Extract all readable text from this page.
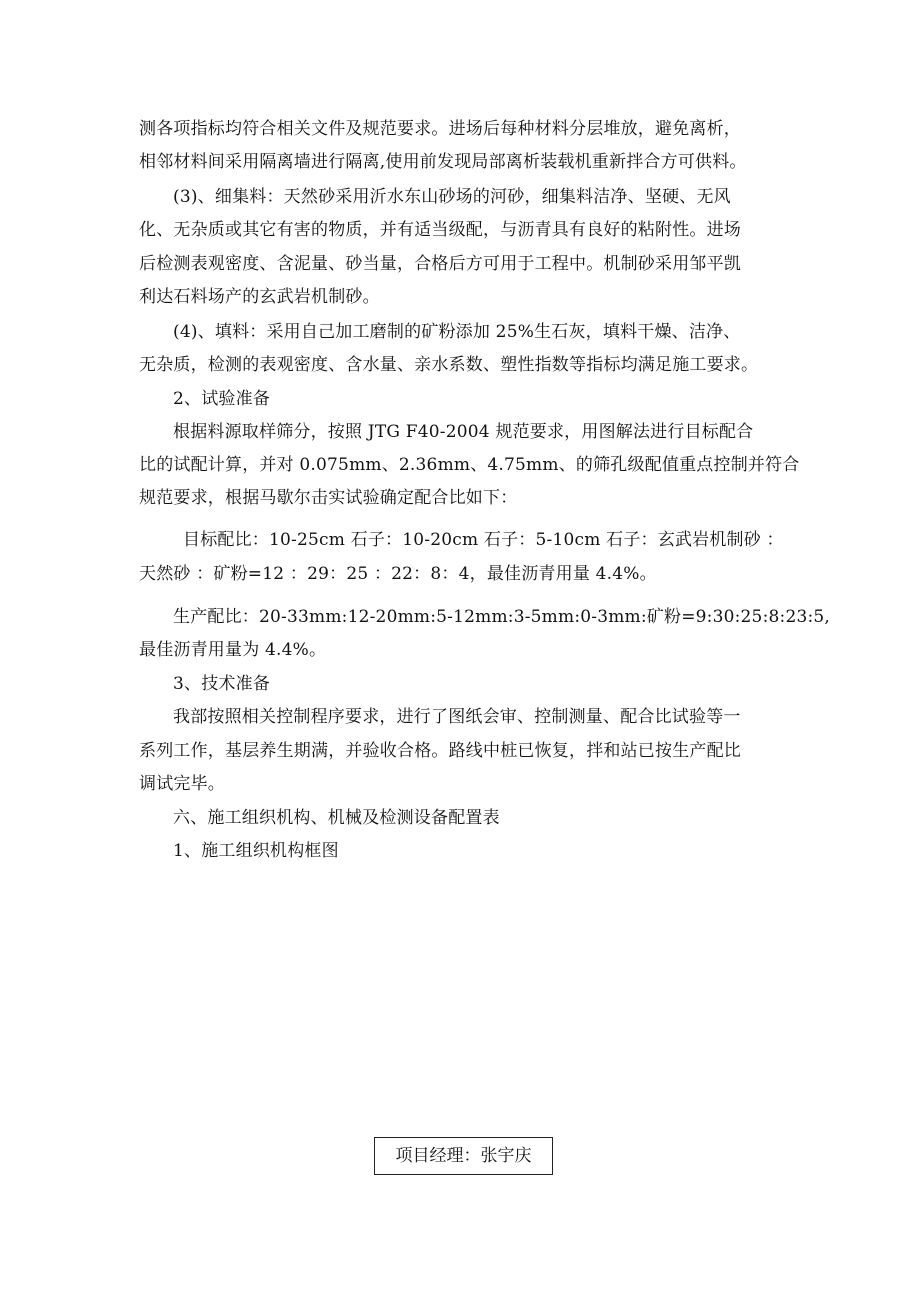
测各项指标均符合相关文件及规范要求。进场后每种材料分层堆放，避免离析，
相邻材料间采用隔离墙进行隔离,使用前发现局部离析装载机重新拌合方可供料。
(3)、细集料：天然砂采用沂水东山砂场的河砂，细集料洁净、坚硬、无风
化、无杂质或其它有害的物质，并有适当级配，与沥青具有良好的粘附性。进场
后检测表观密度、含泥量、砂当量，合格后方可用于工程中。机制砂采用邹平凯
利达石料场产的玄武岩机制砂。
(4)、填料：采用自己加工磨制的矿粉添加 25%生石灰，填料干燥、洁净、
无杂质，检测的表观密度、含水量、亲水系数、塑性指数等指标均满足施工要求。
2、试验准备
根据料源取样筛分，按照 JTG F40-2004 规范要求，用图解法进行目标配合
比的试配计算，并对 0.075mm、2.36mm、4.75mm、的筛孔级配值重点控制并符合
规范要求，根据马歇尔击实试验确定配合比如下：
目标配比：10-25cm 石子：10-20cm 石子：5-10cm 石子：玄武岩机制砂 ：
天然砂 ：矿粉=12 ：29：25 ：22：8：4，最佳沥青用量 4.4%。
生产配比：20-33mm:12-20mm:5-12mm:3-5mm:0-3mm:矿粉=9:30:25:8:23:5,
最佳沥青用量为 4.4%。
3、技术准备
我部按照相关控制程序要求，进行了图纸会审、控制测量、配合比试验等一
系列工作，基层养生期满，并验收合格。路线中桩已恢复，拌和站已按生产配比
调试完毕。
六、施工组织机构、机械及检测设备配置表
1、施工组织机构框图
项目经理：张宇庆
